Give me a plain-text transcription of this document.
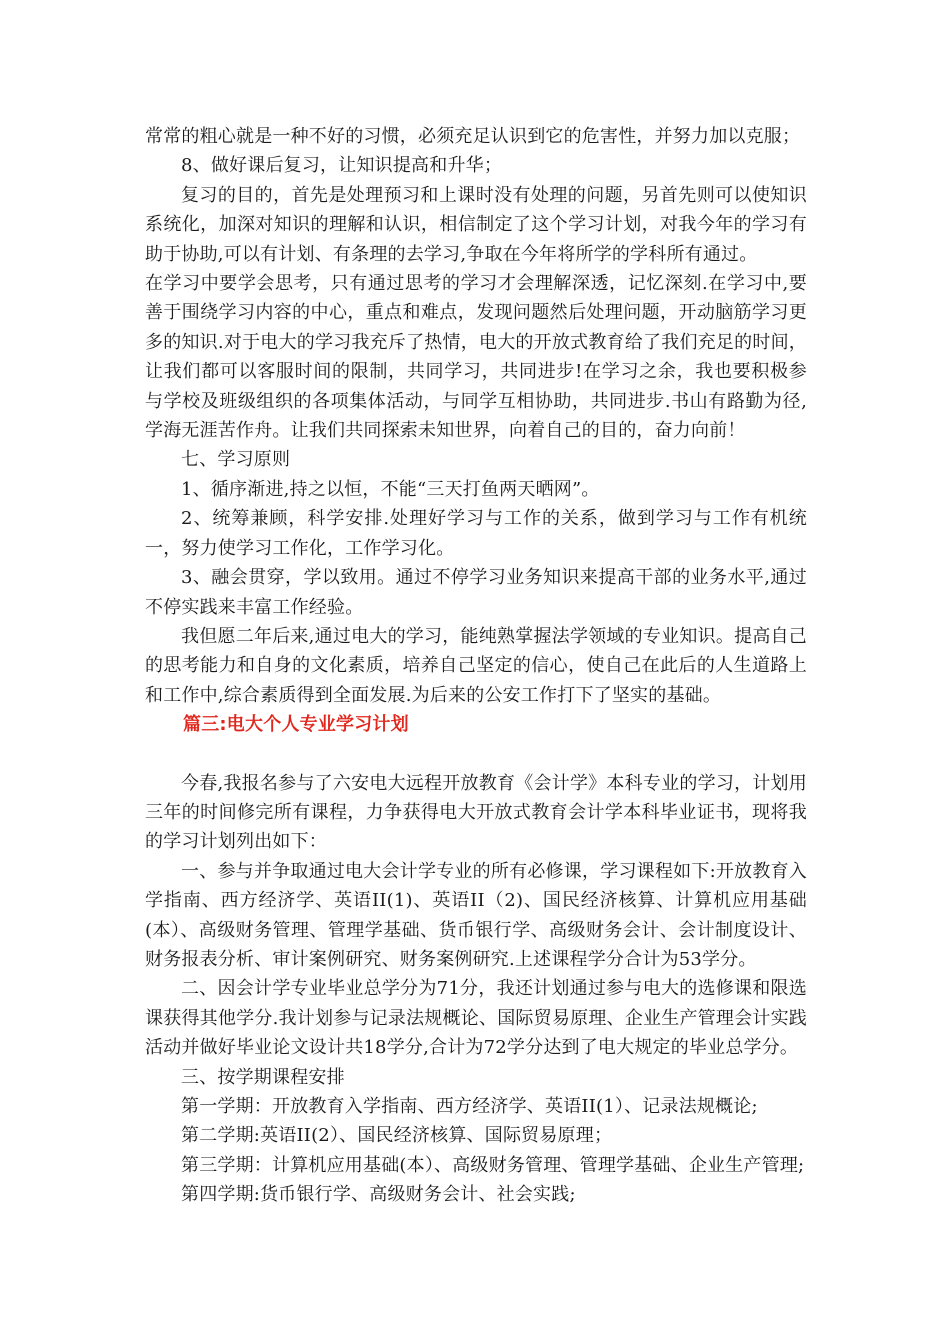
常常的粗心就是一种不好的习惯，必须充足认识到它的危害性，并努力加以克服；

8、做好课后复习，让知识提高和升华；

复习的目的，首先是处理预习和上课时没有处理的问题，另首先则可以使知识系统化，加深对知识的理解和认识，相信制定了这个学习计划，对我今年的学习有助于协助,可以有计划、有条理的去学习,争取在今年将所学的学科所有通过。

在学习中要学会思考，只有通过思考的学习才会理解深透，记忆深刻.在学习中,要善于围绕学习内容的中心，重点和难点，发现问题然后处理问题，开动脑筋学习更多的知识.对于电大的学习我充斥了热情，电大的开放式教育给了我们充足的时间，让我们都可以客服时间的限制，共同学习，共同进步!在学习之余，我也要积极参与学校及班级组织的各项集体活动，与同学互相协助，共同进步.书山有路勤为径,学海无涯苦作舟。让我们共同探索未知世界，向着自己的目的，奋力向前！

七、学习原则

1、循序渐进,持之以恒，不能“三天打鱼两天晒网”。

2、统筹兼顾，科学安排.处理好学习与工作的关系，做到学习与工作有机统一，努力使学习工作化，工作学习化。

3、融会贯穿，学以致用。通过不停学习业务知识来提高干部的业务水平,通过不停实践来丰富工作经验。

我但愿二年后来,通过电大的学习，能纯熟掌握法学领域的专业知识。提高自己的思考能力和自身的文化素质，培养自己坚定的信心，使自己在此后的人生道路上和工作中,综合素质得到全面发展.为后来的公安工作打下了坚实的基础。

篇三:电大个人专业学习计划

今春,我报名参与了六安电大远程开放教育《会计学》本科专业的学习，计划用三年的时间修完所有课程，力争获得电大开放式教育会计学本科毕业证书，现将我的学习计划列出如下：

一、参与并争取通过电大会计学专业的所有必修课，学习课程如下:开放教育入学指南、西方经济学、英语II(1)、英语II（2)、国民经济核算、计算机应用基础(本）、高级财务管理、管理学基础、货币银行学、高级财务会计、会计制度设计、财务报表分析、审计案例研究、财务案例研究.上述课程学分合计为53学分。

二、因会计学专业毕业总学分为71分，我还计划通过参与电大的选修课和限选课获得其他学分.我计划参与记录法规概论、国际贸易原理、企业生产管理会计实践活动并做好毕业论文设计共18学分,合计为72学分达到了电大规定的毕业总学分。

三、按学期课程安排

第一学期：开放教育入学指南、西方经济学、英语II(1）、记录法规概论;

第二学期:英语II(2）、国民经济核算、国际贸易原理；

第三学期：计算机应用基础(本）、高级财务管理、管理学基础、企业生产管理;

第四学期:货币银行学、高级财务会计、社会实践;
